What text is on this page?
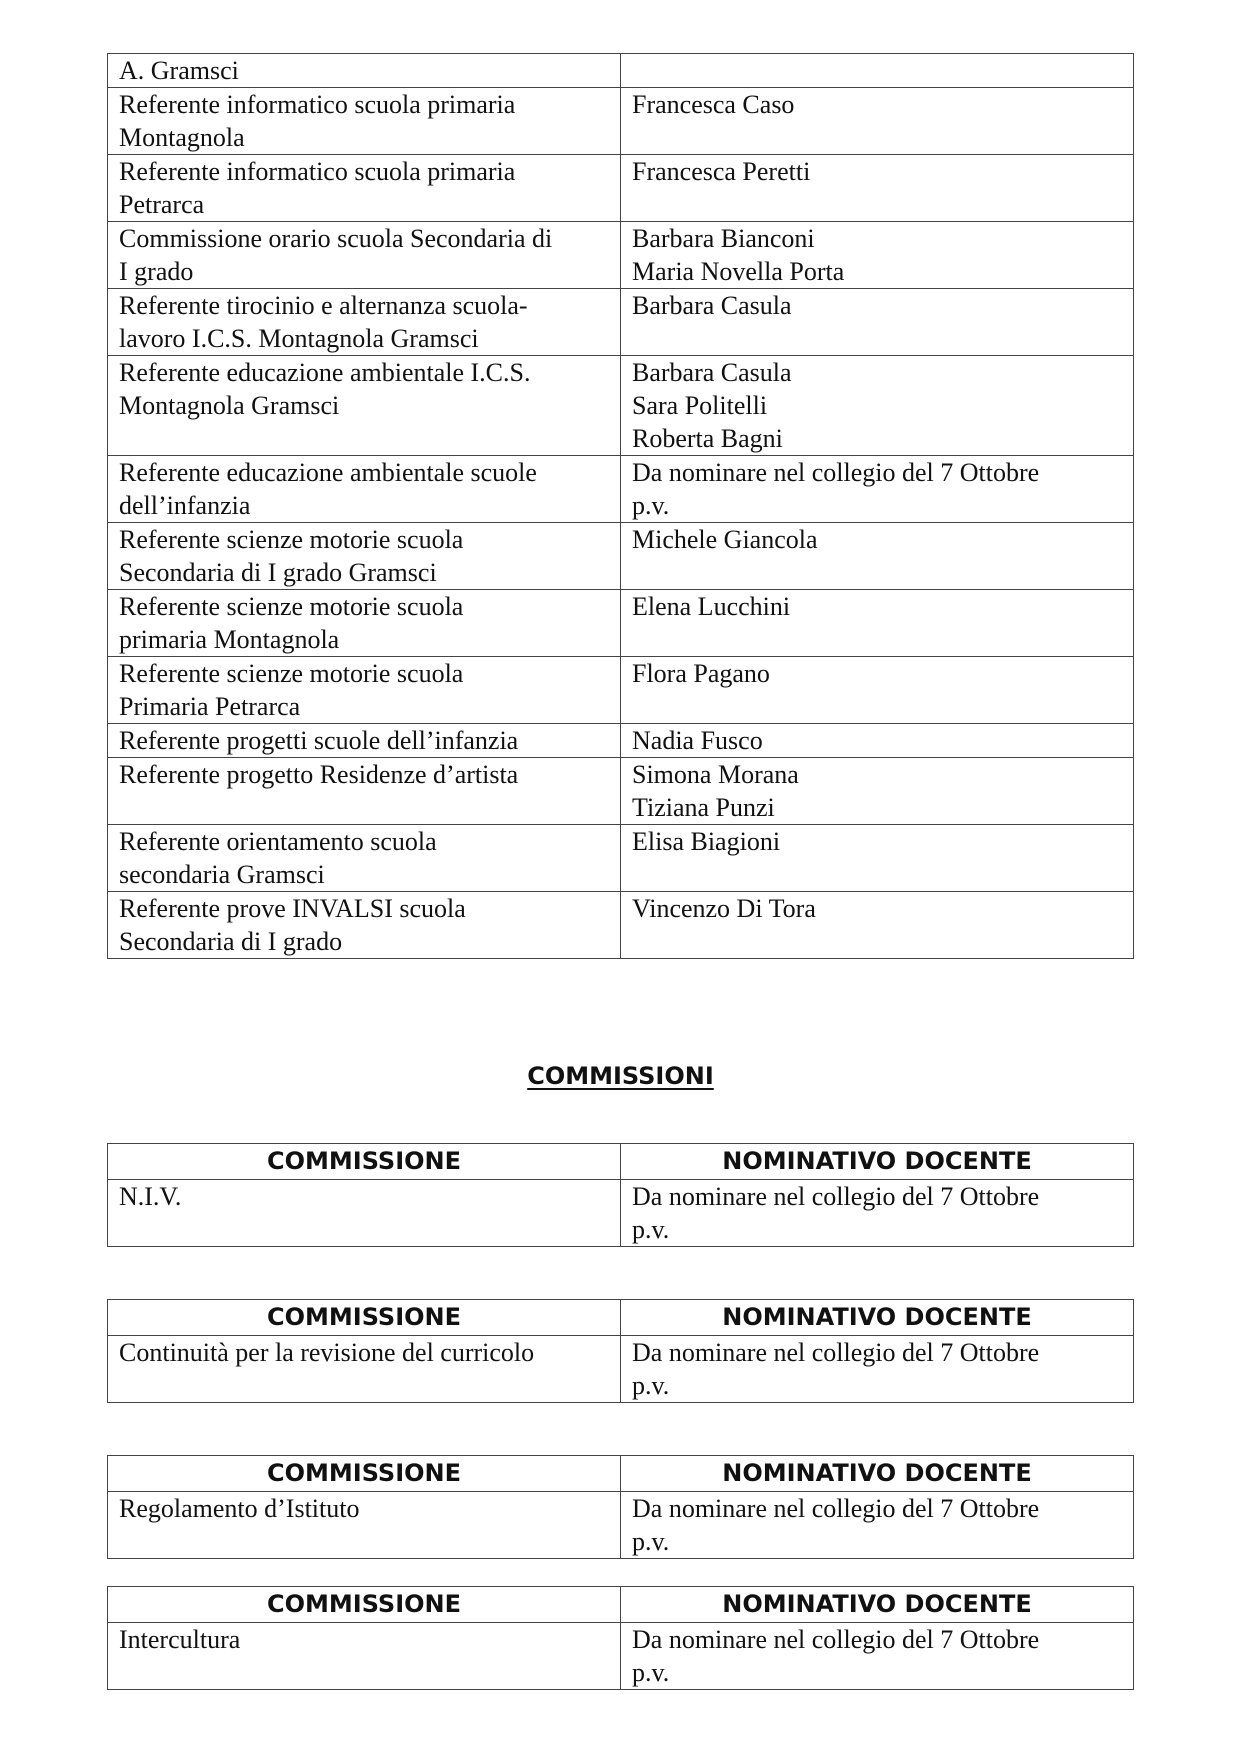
A. Gramsci	

Referente informatico scuola primaria
Montagnola	Francesca Caso

Referente informatico scuola primaria
Petrarca	Francesca Peretti

Commissione orario scuola Secondaria di
I grado	Barbara Bianconi
Maria Novella Porta

Referente tirocinio e alternanza scuola-
lavoro I.C.S. Montagnola Gramsci	Barbara Casula

Referente educazione ambientale I.C.S.
Montagnola Gramsci	Barbara Casula
Sara Politelli
Roberta Bagni

Referente educazione ambientale scuole
dell’infanzia	Da nominare nel collegio del 7 Ottobre
p.v.

Referente scienze motorie scuola
Secondaria di I grado Gramsci	Michele Giancola

Referente scienze motorie scuola
primaria Montagnola	Elena Lucchini

Referente scienze motorie scuola
Primaria Petrarca	Flora Pagano

Referente progetti scuole dell’infanzia	Nadia Fusco

Referente progetto Residenze d’artista	Simona Morana
Tiziana Punzi

Referente orientamento scuola
secondaria Gramsci	Elisa Biagioni

Referente prove INVALSI scuola
Secondaria di I grado	Vincenzo Di Tora
COMMISSIONI
COMMISSIONE	NOMINATIVO DOCENTE

N.I.V.	Da nominare nel collegio del 7 Ottobre
p.v.
COMMISSIONE	NOMINATIVO DOCENTE

Continuità per la revisione del curricolo	Da nominare nel collegio del 7 Ottobre
p.v.
COMMISSIONE	NOMINATIVO DOCENTE

Regolamento d’Istituto	Da nominare nel collegio del 7 Ottobre
p.v.
COMMISSIONE	NOMINATIVO DOCENTE

Intercultura	Da nominare nel collegio del 7 Ottobre
p.v.
